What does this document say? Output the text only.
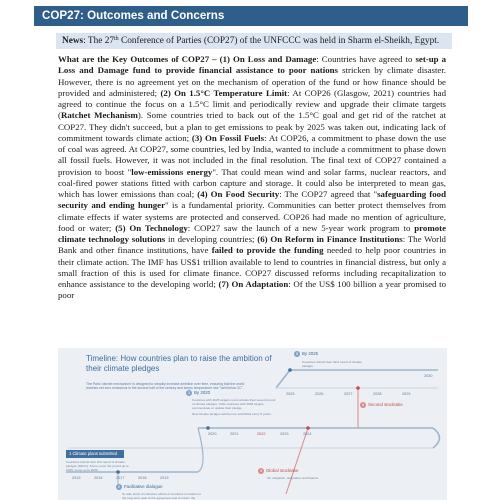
COP27: Outcomes and Concerns
News: The 27th Conference of Parties (COP27) of the UNFCCC was held in Sharm el-Sheikh, Egypt.

What are the Key Outcomes of COP27 – (1) On Loss and Damage: Countries have agreed to set-up a Loss and Damage fund to provide financial assistance to poor nations stricken by climate disaster. However, there is no agreement yet on the mechanism of operation of the fund or how finance should be provided and administered; (2) On 1.5°C Temperature Limit: At COP26 (Glasgow, 2021) countries had agreed to continue the focus on a 1.5°C limit and periodically review and upgrade their climate targets (Ratchet Mechanism). Some countries tried to back out of the 1.5°C goal and get rid of the ratchet at COP27. They didn't succeed, but a plan to get emissions to peak by 2025 was taken out, indicating lack of commitment towards climate action; (3) On Fossil Fuels: At COP26, a commitment to phase down the use of coal was agreed. At COP27, some countries, led by India, wanted to include a commitment to phase down all fossil fuels. However, it was not included in the final resolution. The final text of COP27 contained a provision to boost "low-emissions energy". That could mean wind and solar farms, nuclear reactors, and coal-fired power stations fitted with carbon capture and storage. It could also be interpreted to mean gas, which has lower emissions than coal; (4) On Food Security: The COP27 agreed that "safeguarding food security and ending hunger" is a fundamental priority. Communities can better protect themselves from climate effects if water systems are protected and conserved. COP26 had made no mention of agriculture, food or water; (5) On Technology: COP27 saw the launch of a new 5-year work program to promote climate technology solutions in developing countries; (6) On Reform in Finance Institutions: The World Bank and other finance institutions, have failed to provide the funding needed to help poor countries in their climate action. The IMF has US$1 trillion available to lend to countries in financial distress, but only a small fraction of this is used for climate finance. COP27 discussed reforms including recapitalization to enhance assistance to the developing world; (7) On Adaptation: Of the US$ 100 billion a year promised to poor

Timeline: How countries plan to raise the ambition of their climate pledges
The Paris 'ratchet mechanism' is designed to steadily increase ambition over time, ensuring that the world reaches net zero emissions in the second half of the century and keeps temperature rise "well below 2C".
5 By 2025
Countries submit their third round of climate pledges.
2030
2025	2026	2027	2028	2029
6 Second stocktake
3 By 2020
Countries with 2025 targets communicate their second round of climate pledges, while countries with 2030 targets communicate or update their pledge.
New climate pledges will then be submitted every 5 years.
2020	2021	2022	2023	2024
4 Global stocktake
On mitigation, adaptation and finance.
1 Climate plans submitted
Countries submit their first round of climate pledges (NDCs). Some cover the period up to 2025, some up to 2030.
2015	2016	2017	2018	2019
2 Facilitative dialogue
To take stock of collective efforts of countries in relation to the long-term goal of the agreement and to inform the
